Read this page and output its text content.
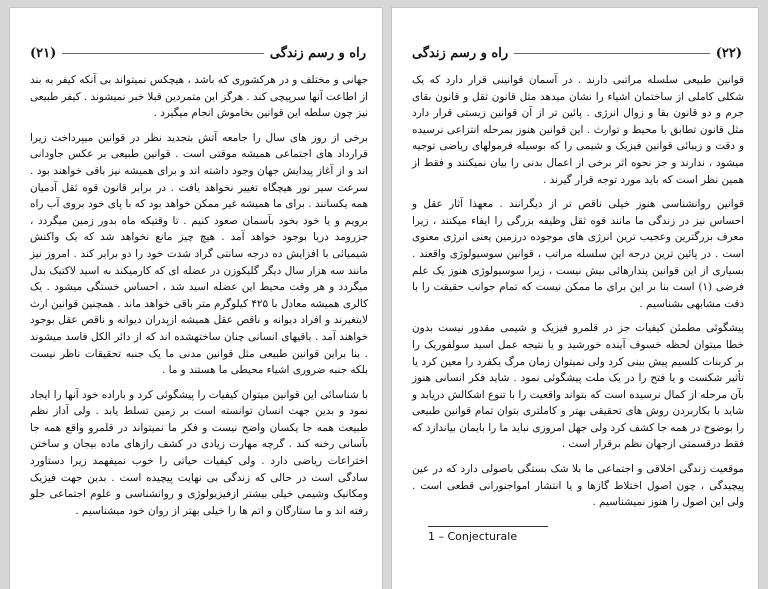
(۲۱)	راه و رسم زندگی

جهانی و مختلف و در هرکشوری که باشد ، هیچکس نمیتواند بی آنکه کیفر به بند از اطاعت آنها سرپیچی کند . هرگز این متمردین قبلا خبر نمیشوند . کیفر طبیعی نیز چون سلطه این قوانین بخاموش انجام میگیرد .

برخی از روز های سال را جامعه آتش بتجدید نظر در قوانین میپرداخت زیرا قرارداد های اجتماعی همیشه موقتی است . قوانین طبیعی بر عکس جاودانی اند و از آغاز پیدایش جهان وجود داشته اند و برای همیشه نیز باقی خواهند بود . سرعت سیر نور هیچگاه تغییر نخواهد یافت . در برابر قانون قوه ثقل آدمیان همه یکسانند . برای ما همیشه غیر ممکن خواهد بود که با پای خود بروی آب راه برویم و یا خود بخود بآسمان صعود کنیم . تا وقتیکه ماه بدور زمین میگردد ، جزرومد دریا بوجود خواهد آمد . هیچ چیز مانع نخواهد شد که یک واکنش شیمیائی با افزایش ده درجه سانتی گراد شدت خود را دو برابر کند . امروز نیز مانند سه هزار سال دیگر گلیکوزن در عضله ای که کارمیکند به اسید لاکتیک بدل میگردد و هر وقت محیط این عضله اسید شد ، احساس خستگی میشود . یک کالری همیشه معادل با ۴۲۵ کیلوگرم متر باقی خواهد ماند . همچنین قوانین ارث لایتغیرند و افراد دیوانه و ناقص عقل همیشه ازپدران دیوانه و ناقص عقل بوجود خواهند آمد . باقیهای انسانی چنان ساختهشده اند که از دائر الکل فاسد میشوند . بنا براین قوانین طبیعی مثل قوانین مدنی ما یک جنبه تحقیقات ناظر نیست بلکه جنبه ضروری اشیاء محیطی ما هستند و ما .

با شناسائی این قوانین میتوان کیفیات را پیشگوئی کرد و باراده خود آنها را ایجاد نمود و بدین جهت انسان توانسته است بر زمین تسلط یابد . ولی آداز نظم طبیعت همه جا یکسان واضح نیست و فکر ما نمیتواند در قلمرو واقع همه جا بآسانی رخنه کند . گرچه مهارت زیادی در کشف رازهای ماده بیجان و ساختن اختراعات ریاضی دارد . ولی کیفیات حیاتی را خوب نمیفهمد زیرا دستاورد سادگی است در حالی که زندگی بی نهایت پیچیده است . بدین جهت فیزیک ومکانیک وشیمی خیلی بیشتر ازفیزیولوژی و روانشناسی و علوم اجتماعی جلو رفته اند و ما ستارگان و اتم ها را خیلی بهتر از روان خود میشناسیم .

راه و رسم زندگی	(۲۲)

قوانین طبیعی سلسله مراتبی دارند . در آسمان قوانینی قرار دارد که یک شکلی کاملی از ساختمان اشیاء را نشان میدهد مثل قانون ثقل و قانون بقای جرم و دو قانون بقا و زوال انرژی . پائین تر از آن قوانین زیستی قرار دارد مثل قانون تطابق با محیط و توارث . این قوانین هنوز بمرحله انتزاعی نرسیده و دقت و زیبائی قوانین فیزیک و شیمی را که بوسیله فرمولهای ریاضی توجیه میشود ، ندارند و جز نحوه اثر برخی از اعمال بدنی را بیان نمیکنند و فقط از همین نظر است که باید مورد توجه قرار گیرند .

قوانین روانشناسی هنوز خیلی ناقص تر از دیگرانند . معهذا آثار عقل و احساس نیز در زندگی ما مانند قوه ثقل وظیفه بزرگی را ایفاء میکنند ، زیرا معرف بزرگترین وعجیب ترین انرژی های موجوده درزمین یعنی انرژی معنوی است . در پائین ترین درجه این سلسله مراتب ، قوانین سوسیولوژی واقعند . بسیاری از این قوانین پندارهائی بیش نیست ، زیرا سوسیولوژی هنوز یک علم فرضی (۱) است بنا بر این برای ما ممکن نیست که تمام جوانب حقیقت را با دقت مشابهی بشناسیم .

پیشگوئی مطمئن کیفیات جز در قلمرو فیزیک و شیمی مقدور نیست بدون خطا میتوان لحظه خسوف آینده خورشید و یا نتیجه عمل اسید سولفوریک را بر کربنات کلسیم پیش بینی کرد ولی نمیتوان زمان مرگ یکفرد را معین کرد یا تأثیر شکست و یا فتح را در یک ملت پیشگوئی نمود . شاید فکر انسانی هنوز بآن مرحله از کمال نرسیده است که بتواند واقعیت را با تنوع اشکالش دریابد و شاید با بکاربردن روش های تحقیقی بهتر و کاملتری بتوان تمام قوانین طبیعی را بوضوح در همه جا کشف کرد ولی جهل امروزی نباید ما را بایمان بیاندازد که فقط درقسمتی ازجهان نظم برقرار است .

موقعیت زندگی اخلاقی و اجتماعی ما بلا شک بستگی باصولی دارد که در عین پیچیدگی ، چون اصول اختلاط گازها و یا انتشار امواجنورانی قطعی است . ولی این اصول را هنوز نمیشناسیم .

1 – Conjecturale
